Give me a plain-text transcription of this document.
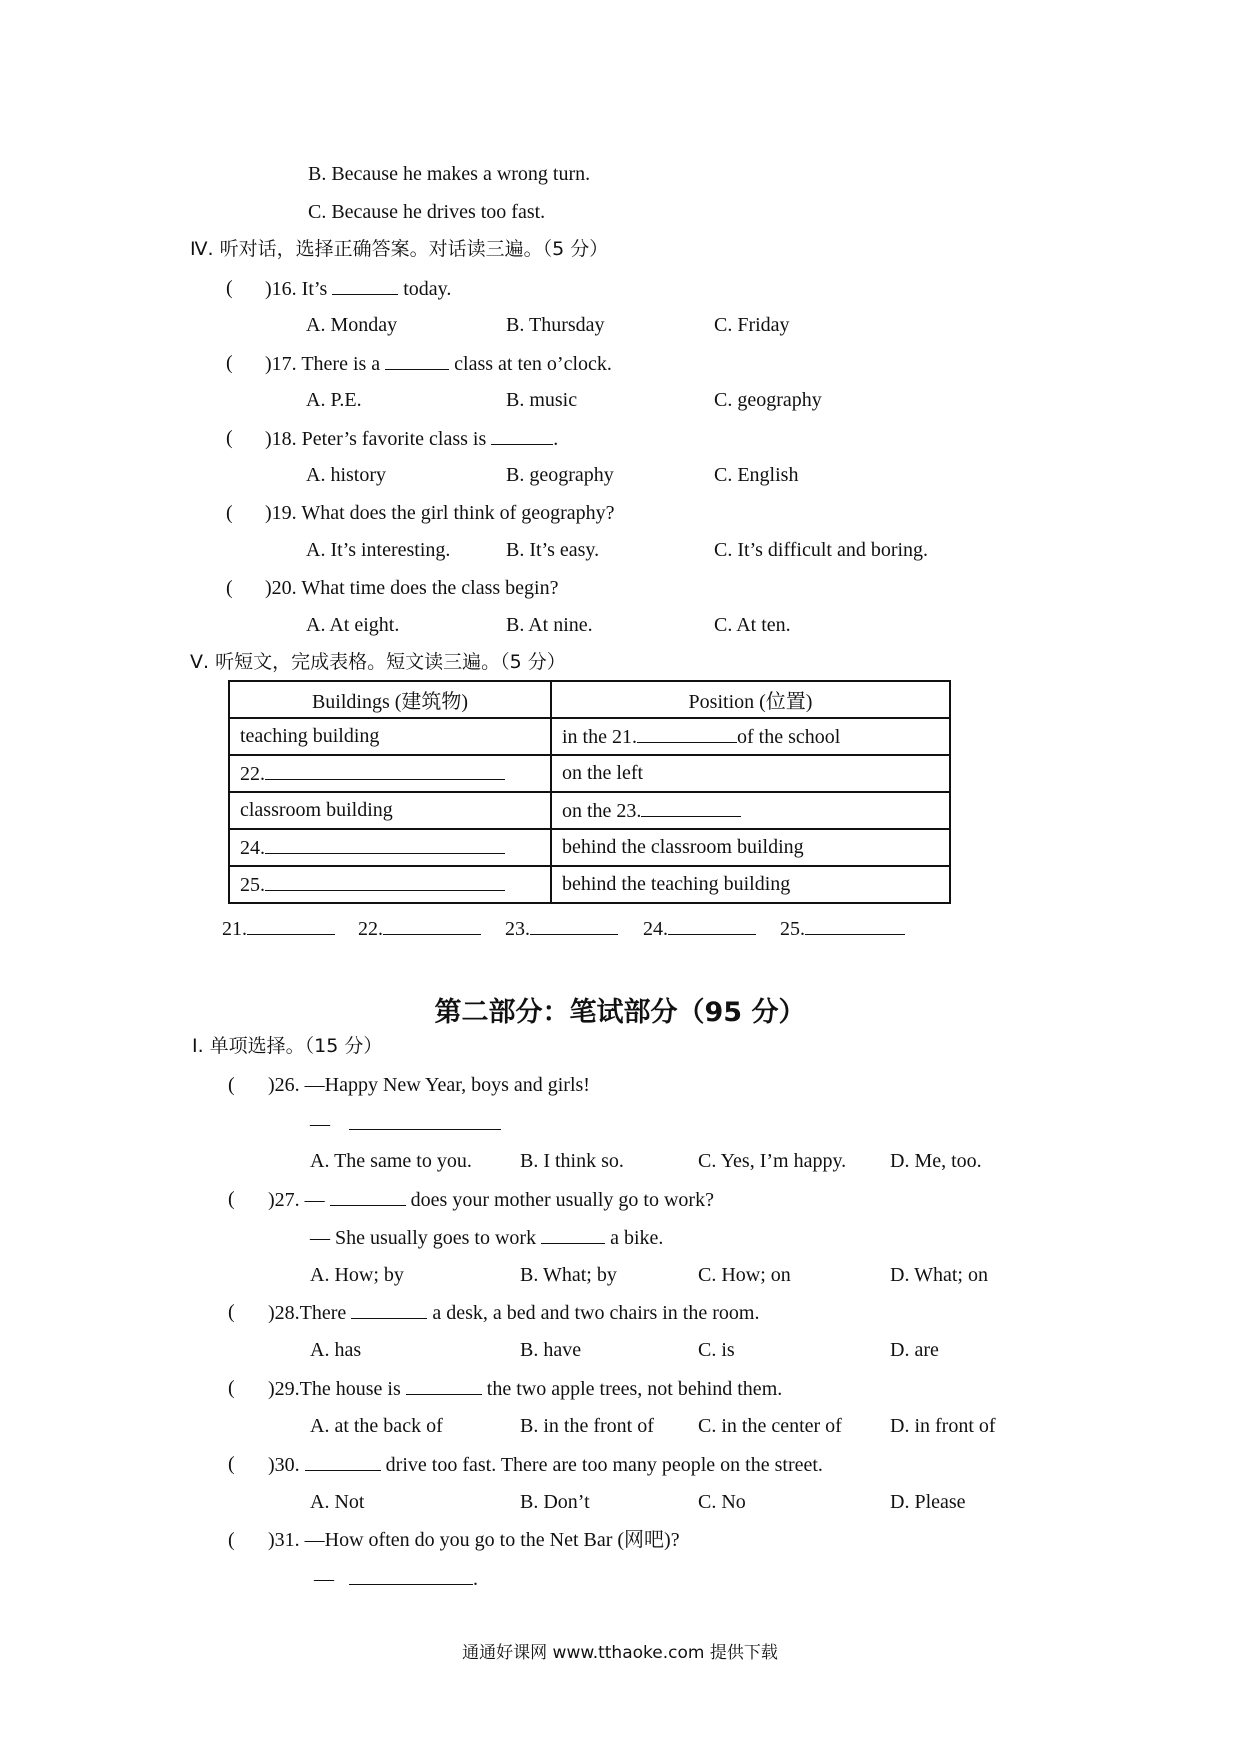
B. Because he makes a wrong turn.
C. Because he drives too fast.
Ⅳ. 听对话，选择正确答案。对话读三遍。（5 分）
( )16. It’s	today.
A. Monday	B. Thursday	C. Friday
( )17. There is a	class at ten o’clock.
A. P.E.	B. music	C. geography
( )18. Peter’s favorite class is	.
A. history	B. geography	C. English
( )19. What does the girl think of geography?
A. It’s interesting.	B. It’s easy.	C. It’s difficult and boring.
( )20. What time does the class begin?
A. At eight.	B. At nine.	C. At ten.
Ⅴ. 听短文，完成表格。短文读三遍。（5 分）
Buildings (建筑物)	Position (位置)
teaching building	in the 21. of the school
22.	on the left
classroom building	on the 23.
24.	behind the classroom building
25.	behind the teaching building
21.	22.	23.	24.	25.
第二部分：笔试部分（95 分）
Ⅰ. 单项选择。（15 分）
( )26. —Happy New Year, boys and girls!
—
A. The same to you. B. I think so.	C. Yes, I’m happy. D. Me, too.
( )27. —	does your mother usually go to work?
— She usually goes to work	a bike.
A. How; by	B. What; by	C. How; on	D. What; on
( )28.There	a desk, a bed and two chairs in the room.
A. has	B. have	C. is	D. are
( )29.The house is	the two apple trees, not behind them.
A. at the back of	B. in the front of C. in the center of D. in front of
( )30.	drive too fast. There are too many people on the street.
A. Not	B. Don’t	C. No	D. Please
( )31. —How often do you go to the Net Bar (网吧)?
—	.
通通好课网 www.tthaoke.com 提供下载
